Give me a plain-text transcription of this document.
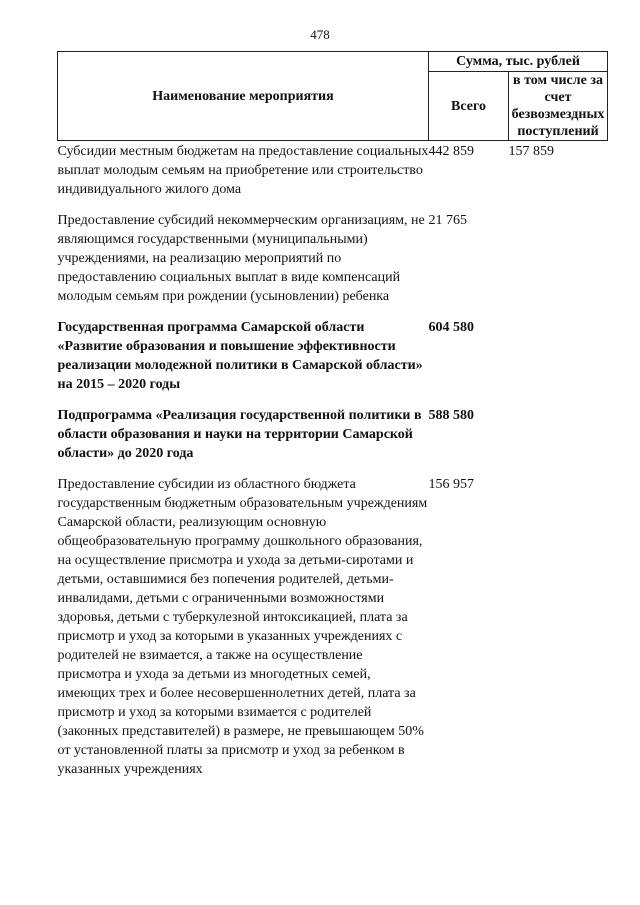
478
Наименование мероприятия	Сумма, тыс. рублей	
	Всего	в том числе за счет безвозмездных поступлений
Субсидии местным бюджетам на предоставление социальных выплат молодым семьям на приобретение или строительство индивидуального жилого дома	442 859	157 859
Предоставление субсидий некоммерческим организациям, не являющимся государственными (муниципальными) учреждениями, на реализацию мероприятий по предоставлению социальных выплат в виде компенсаций молодым семьям при рождении (усыновлении) ребенка	21 765	
Государственная программа Самарской области «Развитие образования и повышение эффективности реализации молодежной политики в Самарской области» на 2015 – 2020 годы	604 580	
Подпрограмма «Реализация государственной политики в области образования и науки на территории Самарской области» до 2020 года	588 580	
Предоставление субсидии из областного бюджета государственным бюджетным образовательным учреждениям Самарской области, реализующим основную общеобразовательную программу дошкольного образования, на осуществление присмотра и ухода за детьми-сиротами и детьми, оставшимися без попечения родителей, детьми-инвалидами, детьми с ограниченными возможностями здоровья, детьми с туберкулезной интоксикацией, плата за присмотр и уход за которыми в указанных учреждениях с родителей не взимается, а также на осуществление присмотра и ухода за детьми из многодетных семей, имеющих трех и более несовершеннолетних детей, плата за присмотр и уход за которыми взимается с родителей (законных представителей) в размере, не превышающем 50% от установленной платы за присмотр и уход за ребенком в указанных учреждениях	156 957	
